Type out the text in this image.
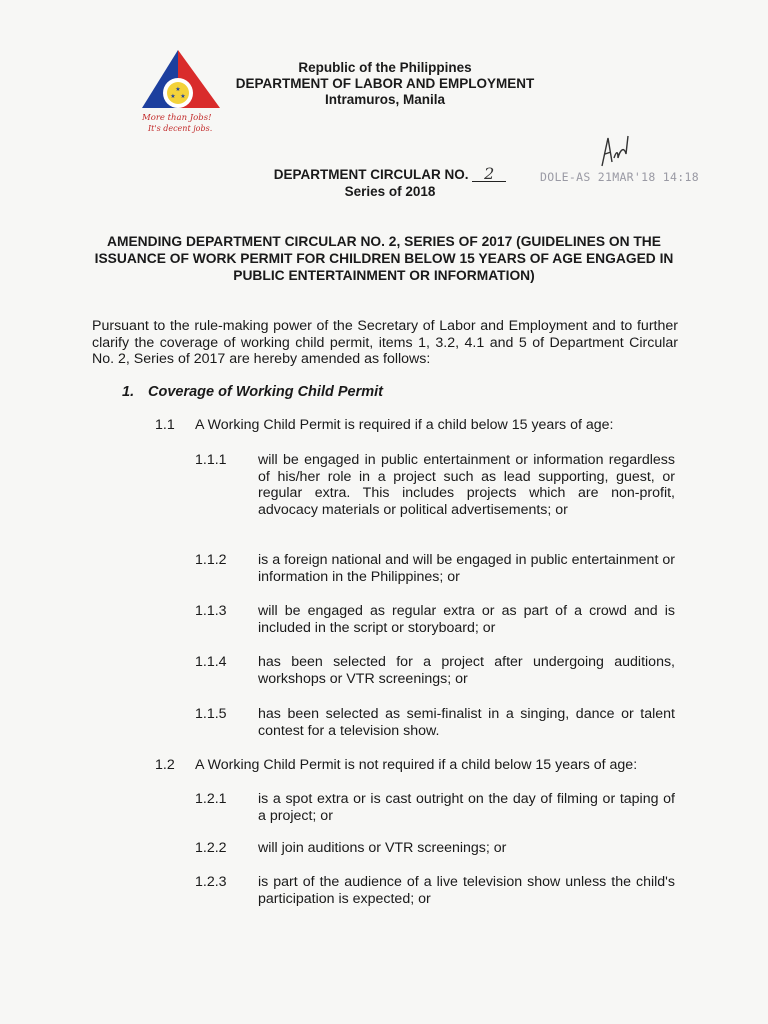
★
★ ★
More than Jobs!
It's decent jobs.
Republic of the Philippines
DEPARTMENT OF LABOR AND EMPLOYMENT
Intramuros, Manila
DEPARTMENT CIRCULAR NO. 2
Series of 2018
DOLE-AS 21MAR'18 14:18
AMENDING DEPARTMENT CIRCULAR NO. 2, SERIES OF 2017 (GUIDELINES ON THE ISSUANCE OF WORK PERMIT FOR CHILDREN BELOW 15 YEARS OF AGE ENGAGED IN PUBLIC ENTERTAINMENT OR INFORMATION)
Pursuant to the rule-making power of the Secretary of Labor and Employment and to further clarify the coverage of working child permit, items 1, 3.2, 4.1 and 5 of Department Circular No. 2, Series of 2017 are hereby amended as follows:
1. Coverage of Working Child Permit
1.1 A Working Child Permit is required if a child below 15 years of age:
1.1.1 will be engaged in public entertainment or information regardless of his/her role in a project such as lead supporting, guest, or regular extra. This includes projects which are non-profit, advocacy materials or political advertisements; or
1.1.2 is a foreign national and will be engaged in public entertainment or information in the Philippines; or
1.1.3 will be engaged as regular extra or as part of a crowd and is included in the script or storyboard; or
1.1.4 has been selected for a project after undergoing auditions, workshops or VTR screenings; or
1.1.5 has been selected as semi-finalist in a singing, dance or talent contest for a television show.
1.2 A Working Child Permit is not required if a child below 15 years of age:
1.2.1 is a spot extra or is cast outright on the day of filming or taping of a project; or
1.2.2 will join auditions or VTR screenings; or
1.2.3 is part of the audience of a live television show unless the child's participation is expected; or
